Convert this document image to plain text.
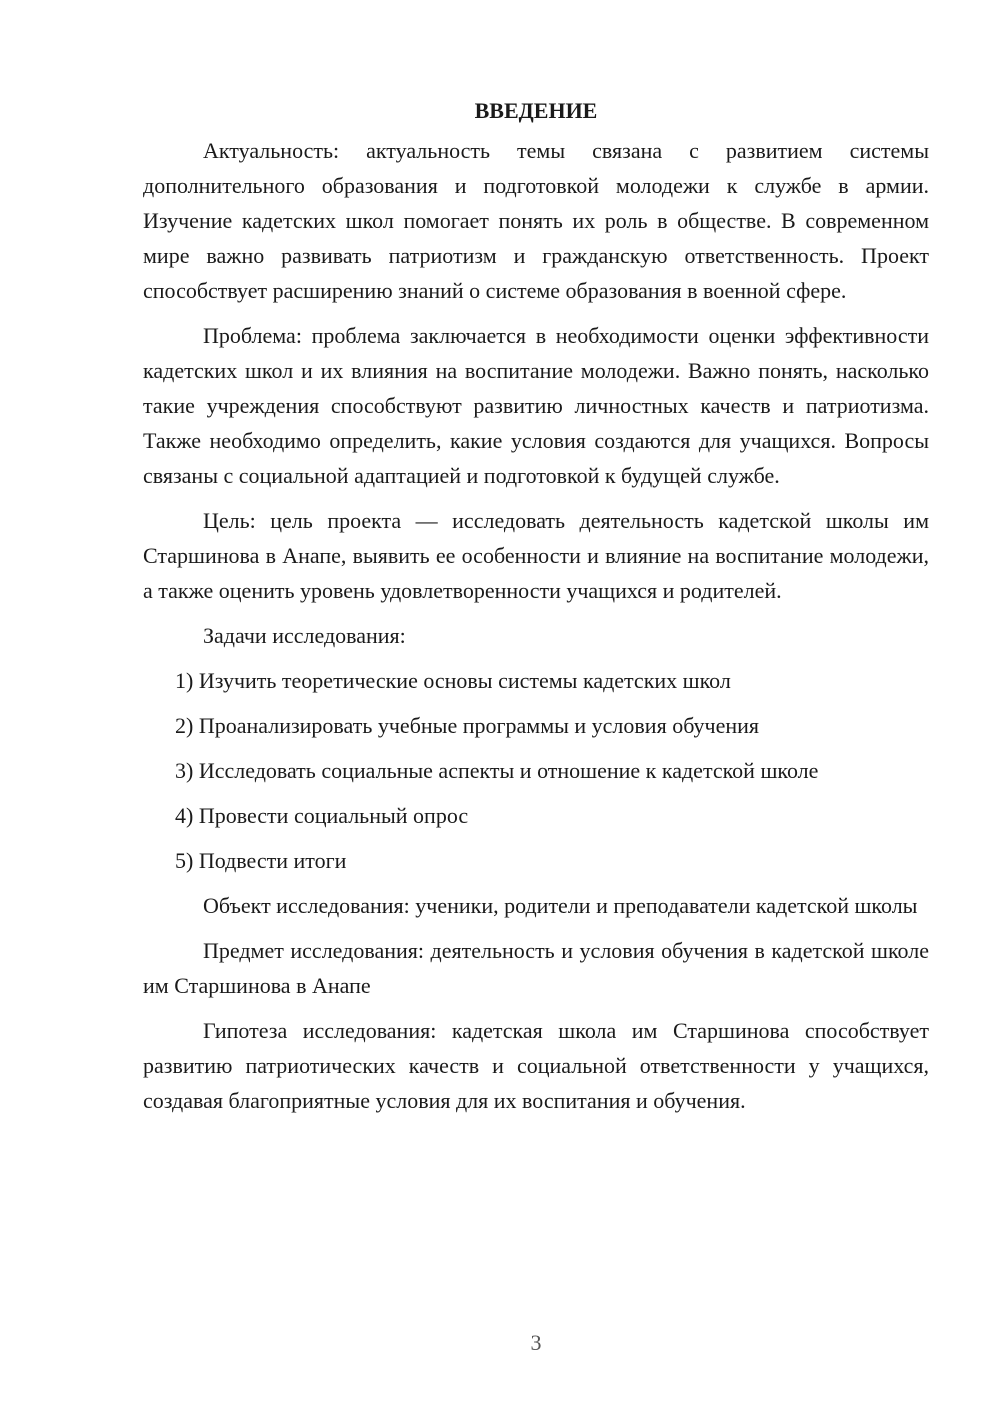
ВВЕДЕНИЕ

Актуальность: актуальность темы связана с развитием системы дополнительного образования и подготовкой молодежи к службе в армии. Изучение кадетских школ помогает понять их роль в обществе. В современном мире важно развивать патриотизм и гражданскую ответственность. Проект способствует расширению знаний о системе образования в военной сфере.

Проблема: проблема заключается в необходимости оценки эффективности кадетских школ и их влияния на воспитание молодежи. Важно понять, насколько такие учреждения способствуют развитию личностных качеств и патриотизма. Также необходимо определить, какие условия создаются для учащихся. Вопросы связаны с социальной адаптацией и подготовкой к будущей службе.

Цель: цель проекта — исследовать деятельность кадетской школы им Старшинова в Анапе, выявить ее особенности и влияние на воспитание молодежи, а также оценить уровень удовлетворенности учащихся и родителей.

Задачи исследования:

1) Изучить теоретические основы системы кадетских школ
2) Проанализировать учебные программы и условия обучения
3) Исследовать социальные аспекты и отношение к кадетской школе
4) Провести социальный опрос
5) Подвести итоги

Объект исследования: ученики, родители и преподаватели кадетской школы

Предмет исследования: деятельность и условия обучения в кадетской школе им Старшинова в Анапе

Гипотеза исследования: кадетская школа им Старшинова способствует развитию патриотических качеств и социальной ответственности у учащихся, создавая благоприятные условия для их воспитания и обучения.

3
